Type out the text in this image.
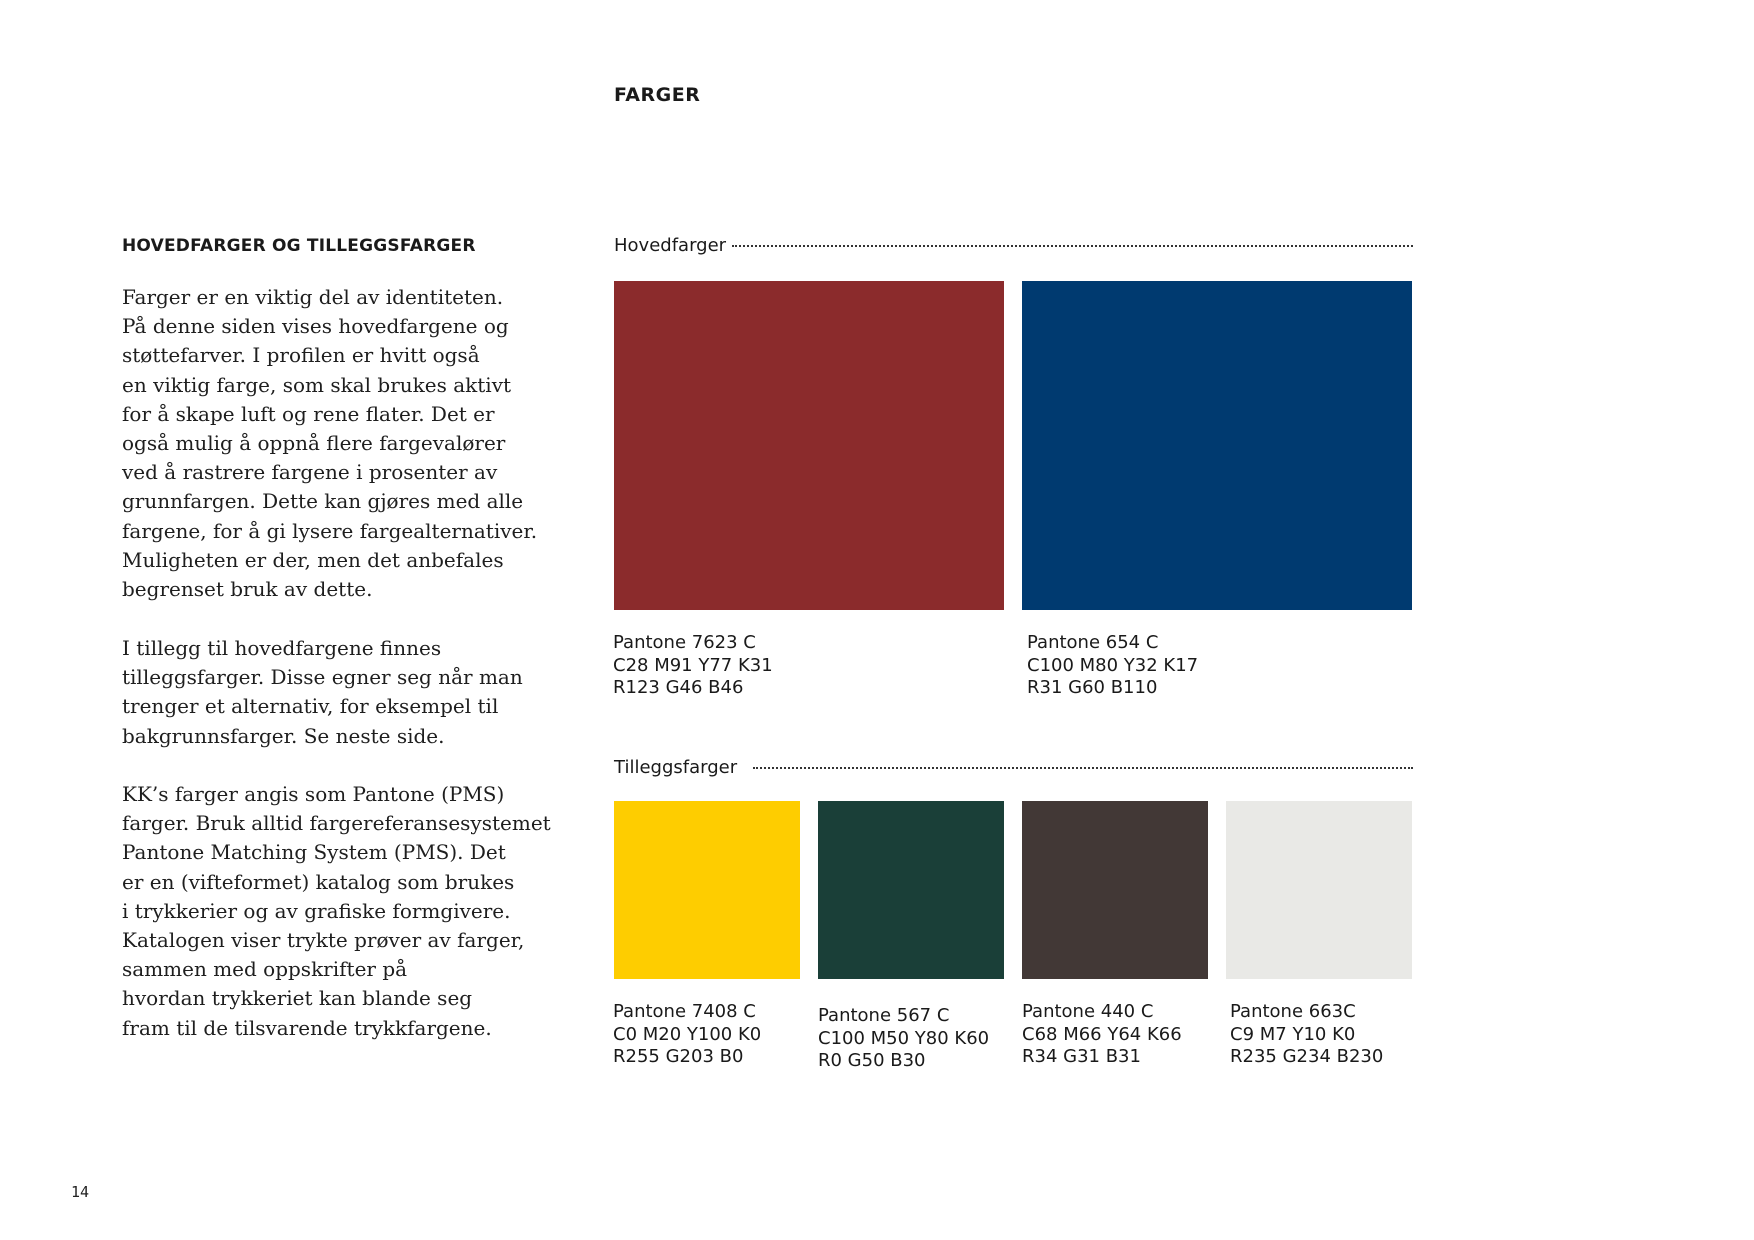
FARGER
HOVEDFARGER OG TILLEGGSFARGER
Farger er en viktig del av identiteten.
På denne siden vises hovedfargene og
støttefarver. I profilen er hvitt også
en viktig farge, som skal brukes aktivt
for å skape luft og rene flater. Det er
også mulig å oppnå flere fargevalører
ved å rastrere fargene i prosenter av
grunnfargen. Dette kan gjøres med alle
fargene, for å gi lysere fargealternativer.
Muligheten er der, men det anbefales
begrenset bruk av dette.
I tillegg til hovedfargene finnes
tilleggsfarger. Disse egner seg når man
trenger et alternativ, for eksempel til
bakgrunnsfarger. Se neste side.
KK’s farger angis som Pantone (PMS)
farger. Bruk alltid fargereferansesystemet
Pantone Matching System (PMS). Det
er en (vifteformet) katalog som brukes
i trykkerier og av grafiske formgivere.
Katalogen viser trykte prøver av farger,
sammen med oppskrifter på
hvordan trykkeriet kan blande seg
fram til de tilsvarende trykkfargene.
Hovedfarger
Pantone 7623 C
C28 M91 Y77 K31
R123 G46 B46
Pantone 654 C
C100 M80 Y32 K17
R31 G60 B110
Tilleggsfarger
Pantone 7408 C
C0 M20 Y100 K0
R255 G203 B0
Pantone 567 C
C100 M50 Y80 K60
R0 G50 B30
Pantone 440 C
C68 M66 Y64 K66
R34 G31 B31
Pantone 663C
C9 M7 Y10 K0
R235 G234 B230
14
